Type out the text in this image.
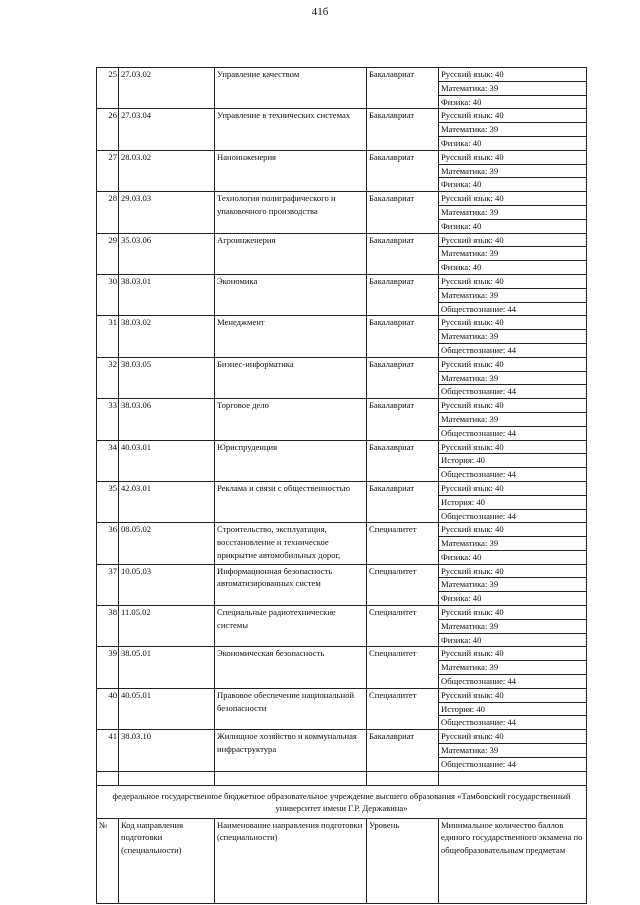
41б
25	27.03.02	Управление качеством	Бакалавриат	Русский язык: 40
				Математика: 39
				Физика: 40
26	27.03.04	Управление в технических системах	Бакалавриат	Русский язык: 40
				Математика: 39
				Физика: 40
27	28.03.02	Наноинженерия	Бакалавриат	Русский язык: 40
				Математика: 39
				Физика: 40
28	29.03.03	Технология полиграфического и упаковочного производства	Бакалавриат	Русский язык: 40
				Математика: 39
				Физика: 40
29	35.03.06	Агроинженерия	Бакалавриат	Русский язык: 40
				Математика: 39
				Физика: 40
30	38.03.01	Экономика	Бакалавриат	Русский язык: 40
				Математика: 39
				Обществознание: 44
31	38.03.02	Менеджмент	Бакалавриат	Русский язык: 40
				Математика: 39
				Обществознание: 44
32	38.03.05	Бизнес-информатика	Бакалавриат	Русский язык: 40
				Математика: 39
				Обществознание: 44
33	38.03.06	Торговое дело	Бакалавриат	Русский язык: 40
				Математика: 39
				Обществознание: 44
34	40.03.01	Юриспруденция	Бакалавриат	Русский язык: 40
				История: 40
				Обществознание: 44
35	42.03.01	Реклама и связи с общественностью	Бакалавриат	Русский язык: 40
				История: 40
				Обществознание: 44
36	08.05.02	Строительство, эксплуатация, восстановление и техническое прикрытие автомобильных дорог,	Специалитет	Русский язык: 40
				Математика: 39
				Физика: 40
37	10.05.03	Информационная безопасность автоматизированных систем	Специалитет	Русский язык: 40
				Математика: 39
				Физика: 40
38	11.05.02	Специальные радиотехнические системы	Специалитет	Русский язык: 40
				Математика: 39
				Физика: 40
39	38.05.01	Экономическая безопасность	Специалитет	Русский язык: 40
				Математика: 39
				Обществознание: 44
40	40.05.01	Правовое обеспечение национальной безопасности	Специалитет	Русский язык: 40
				История: 40
				Обществознание: 44
41	38.03.10	Жилищное хозяйство и коммунальная инфраструктура	Бакалавриат	Русский язык: 40
				Математика: 39
				Обществознание: 44

федеральное государственное бюджетное образовательное учреждение высшего образования «Тамбовский государственный университет имени Г.Р. Державина»				
№	Код направления подготовки (специальности)	Наименование направления подготовки (специальности)	Уровень	Минимальное количество баллов единого государственного экзамена по общеобразовательным предметам
